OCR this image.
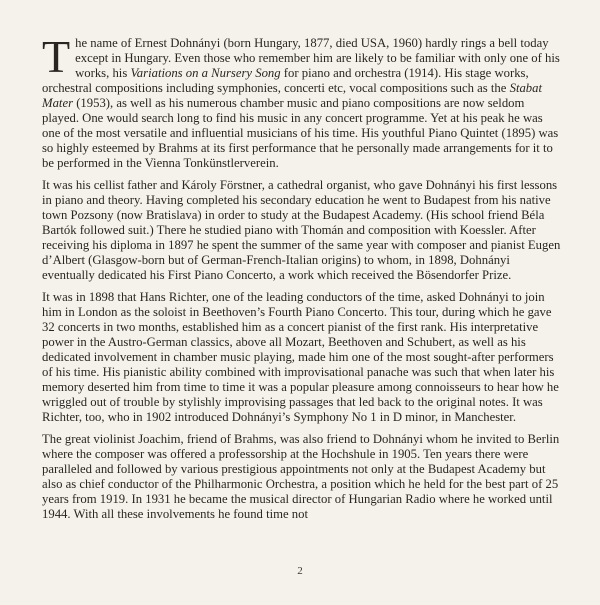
The name of Ernest Dohnányi (born Hungary, 1877, died USA, 1960) hardly rings a bell today except in Hungary. Even those who remember him are likely to be familiar with only one of his works, his Variations on a Nursery Song for piano and orchestra (1914). His stage works, orchestral compositions including symphonies, concerti etc, vocal compositions such as the Stabat Mater (1953), as well as his numerous chamber music and piano compositions are now seldom played. One would search long to find his music in any concert programme. Yet at his peak he was one of the most versatile and influential musicians of his time. His youthful Piano Quintet (1895) was so highly esteemed by Brahms at its first performance that he personally made arrangements for it to be performed in the Vienna Tonkünstlerverein.

It was his cellist father and Károly Förstner, a cathedral organist, who gave Dohnányi his first lessons in piano and theory. Having completed his secondary education he went to Budapest from his native town Pozsony (now Bratislava) in order to study at the Budapest Academy. (His school friend Béla Bartók followed suit.) There he studied piano with Thomán and composition with Koessler. After receiving his diploma in 1897 he spent the summer of the same year with composer and pianist Eugen d’Albert (Glasgow-born but of German-French-Italian origins) to whom, in 1898, Dohnányi eventually dedicated his First Piano Concerto, a work which received the Bösendorfer Prize.

It was in 1898 that Hans Richter, one of the leading conductors of the time, asked Dohnányi to join him in London as the soloist in Beethoven’s Fourth Piano Concerto. This tour, during which he gave 32 concerts in two months, established him as a concert pianist of the first rank. His interpretative power in the Austro-German classics, above all Mozart, Beethoven and Schubert, as well as his dedicated involvement in chamber music playing, made him one of the most sought-after performers of his time. His pianistic ability combined with improvisational panache was such that when later his memory deserted him from time to time it was a popular pleasure among connoisseurs to hear how he wriggled out of trouble by stylishly improvising passages that led back to the original notes. It was Richter, too, who in 1902 introduced Dohnányi’s Symphony No 1 in D minor, in Manchester.

The great violinist Joachim, friend of Brahms, was also friend to Dohnányi whom he invited to Berlin where the composer was offered a professorship at the Hochshule in 1905. Ten years there were paralleled and followed by various prestigious appointments not only at the Budapest Academy but also as chief conductor of the Philharmonic Orchestra, a position which he held for the best part of 25 years from 1919. In 1931 he became the musical director of Hungarian Radio where he worked until 1944. With all these involvements he found time not

2
